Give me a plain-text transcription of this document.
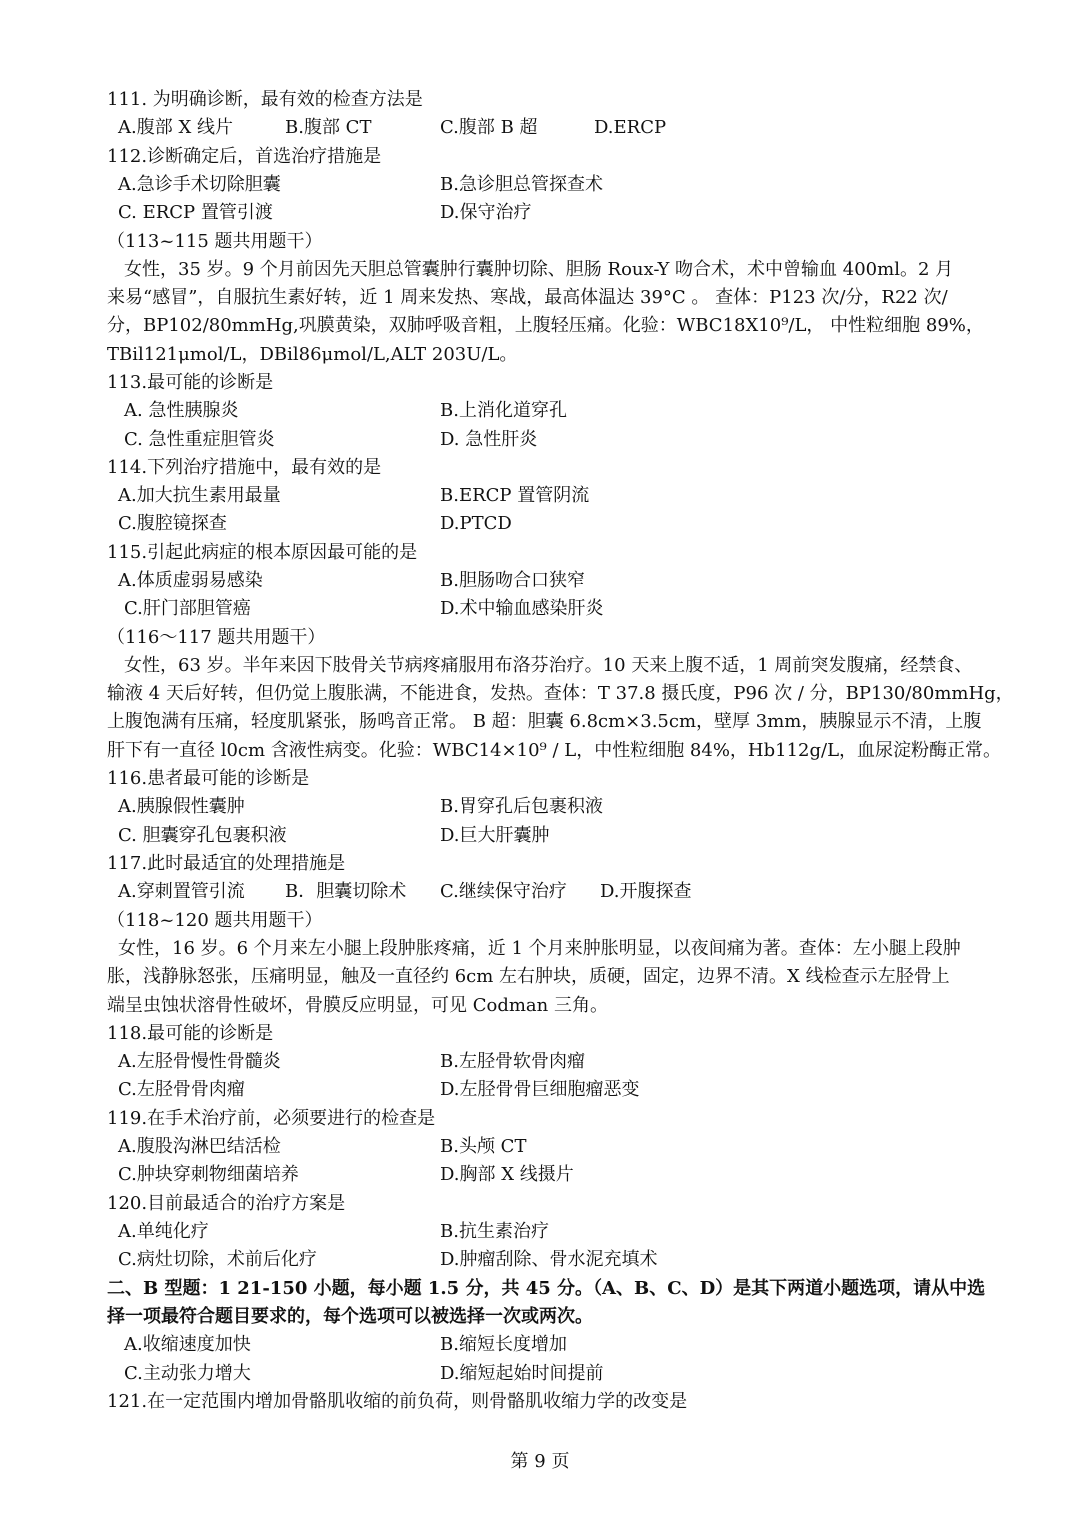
111. 为明确诊断，最有效的检查方法是
A.腹部 X 线片	B.腹部 CT	C.腹部 B 超	D.ERCP
112.诊断确定后，首选治疗措施是
A.急诊手术切除胆囊	B.急诊胆总管探查术
C. ERCP 置管引渡	D.保守治疗
（113~115 题共用题干）
女性，35 岁。9 个月前因先天胆总管囊肿行囊肿切除、胆肠 Roux-Y 吻合术，术中曾输血 400ml。2 月
来易“感冒”，自服抗生素好转，近 1 周来发热、寒战，最高体温达 39°C 。 查体：P123 次/分，R22 次/
分，BP102/80mmHg,巩膜黄染，双肺呼吸音粗，上腹轻压痛。化验：WBC18X10⁹/L， 中性粒细胞 89%，
TBil121μmol/L，DBil86μmol/L,ALT 203U/L。
113.最可能的诊断是
A. 急性胰腺炎	B.上消化道穿孔
C. 急性重症胆管炎	D. 急性肝炎
114.下列治疗措施中，最有效的是
A.加大抗生素用最量	B.ERCP 置管阴流
C.腹腔镜探查	D.PTCD
115.引起此病症的根本原因最可能的是
A.体质虚弱易感染	B.胆肠吻合口狭窄
C.肝门部胆管癌	D.术中输血感染肝炎
（116～117 题共用题干）
女性，63 岁。半年来因下肢骨关节病疼痛服用布洛芬治疗。10 天来上腹不适，1 周前突发腹痛，经禁食、
输液 4 天后好转，但仍觉上腹胀满，不能进食，发热。查体：T 37.8 摄氏度，P96 次 / 分，BP130/80mmHg，
上腹饱满有压痛，轻度肌紧张，肠鸣音正常。 B 超：胆囊 6.8cm×3.5cm，壁厚 3mm，胰腺显示不清，上腹
肝下有一直径 l0cm 含液性病变。化验：WBC14×10⁹ / L，中性粒细胞 84%，Hb112g/L，血尿淀粉酶正常。
116.患者最可能的诊断是
A.胰腺假性囊肿	B.胃穿孔后包裹积液
C. 胆囊穿孔包裹积液	D.巨大肝囊肿
117.此时最适宜的处理措施是
A.穿刺置管引流 B．胆囊切除术 C.继续保守治疗 D.开腹探查
（118~120 题共用题干）
女性，16 岁。6 个月来左小腿上段肿胀疼痛，近 1 个月来肿胀明显，以夜间痛为著。查体：左小腿上段肿
胀，浅静脉怒张，压痛明显，触及一直径约 6cm 左右肿块，质硬，固定，边界不清。X 线检查示左胫骨上
端呈虫蚀状溶骨性破坏，骨膜反应明显，可见 Codman 三角。
118.最可能的诊断是
A.左胫骨慢性骨髓炎	B.左胫骨软骨肉瘤
C.左胫骨骨肉瘤	D.左胫骨骨巨细胞瘤恶变
119.在手术治疗前，必须要进行的检查是
A.腹股沟淋巴结活检	B.头颅 CT
C.肿块穿刺物细菌培养	D.胸部 X 线摄片
120.目前最适合的治疗方案是
A.单纯化疗	B.抗生素治疗
C.病灶切除，术前后化疗	D.肿瘤刮除、骨水泥充填术
二、B 型题：1 21-150 小题，每小题 1.5 分，共 45 分。（A、B、C、D）是其下两道小题选项，请从中选
择一项最符合题目要求的，每个选项可以被选择一次或两次。
A.收缩速度加快	B.缩短长度增加
C.主动张力增大	D.缩短起始时间提前
121.在一定范围内增加骨骼肌收缩的前负荷，则骨骼肌收缩力学的改变是
第 9 页
